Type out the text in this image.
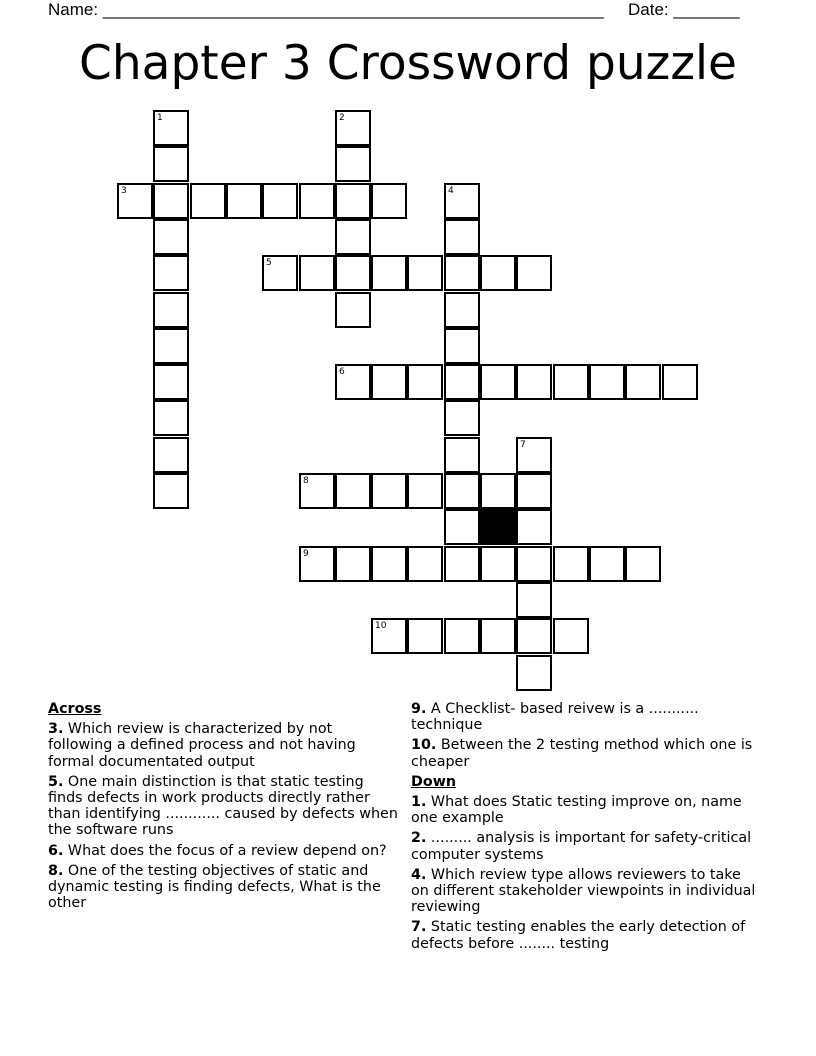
Name: _____________________________________________________ Date: _______
Chapter 3 Crossword puzzle
1	2
3	4
5
6
7
8
9
10
Across
3. Which review is characterized by not following a defined process and not having formal documentated output
5. One main distinction is that static testing finds defects in work products directly rather than identifying ............ caused by defects when the software runs
6. What does the focus of a review depend on?
8. One of the testing objectives of static and dynamic testing is finding defects, What is the other
9. A Checklist- based reivew is a ........... technique
10. Between the 2 testing method which one is cheaper
Down
1. What does Static testing improve on, name one example
2. ......... analysis is important for safety-critical computer systems
4. Which review type allows reviewers to take on different stakeholder viewpoints in individual reviewing
7. Static testing enables the early detection of defects before ........ testing
